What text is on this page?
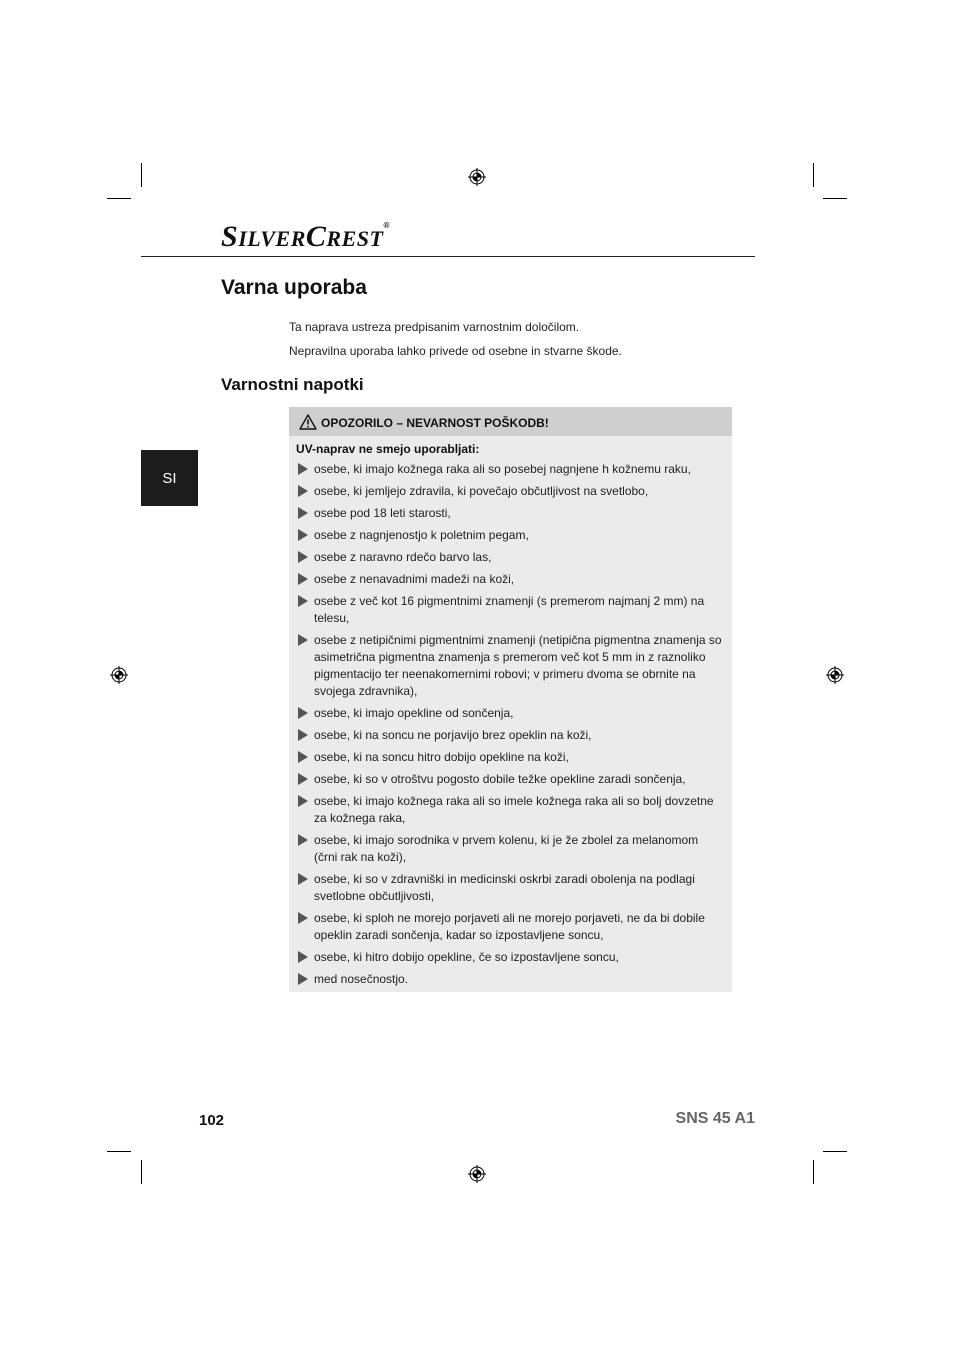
SILVERCREST®
Varna uporaba
Ta naprava ustreza predpisanim varnostnim določilom.
Nepravilna uporaba lahko privede od osebne in stvarne škode.
Varnostni napotki
SI
OPOZORILO – NEVARNOST POŠKODB!
UV-naprav ne smejo uporabljati:
osebe, ki imajo kožnega raka ali so posebej nagnjene h kožnemu raku,
osebe, ki jemljejo zdravila, ki povečajo občutljivost na svetlobo,
osebe pod 18 leti starosti,
osebe z nagnjenostjo k poletnim pegam,
osebe z naravno rdečo barvo las,
osebe z nenavadnimi madeži na koži,
osebe z več kot 16 pigmentnimi znamenji (s premerom najmanj 2 mm) na telesu,
osebe z netipičnimi pigmentnimi znamenji (netipična pigmentna znamenja so asimetrična pigmentna znamenja s premerom več kot 5 mm in z raznoliko pigmentacijo ter neenakomernimi robovi; v primeru dvoma se obrnite na svojega zdravnika),
osebe, ki imajo opekline od sončenja,
osebe, ki na soncu ne porjavijo brez opeklin na koži,
osebe, ki na soncu hitro dobijo opekline na koži,
osebe, ki so v otroštvu pogosto dobile težke opekline zaradi sončenja,
osebe, ki imajo kožnega raka ali so imele kožnega raka ali so bolj dovzetne za kožnega raka,
osebe, ki imajo sorodnika v prvem kolenu, ki je že zbolel za melanomom (črni rak na koži),
osebe, ki so v zdravniški in medicinski oskrbi zaradi obolenja na podlagi svetlobne občutljivosti,
osebe, ki sploh ne morejo porjaveti ali ne morejo porjaveti, ne da bi dobile opeklin zaradi sončenja, kadar so izpostavljene soncu,
osebe, ki hitro dobijo opekline, če so izpostavljene soncu,
med nosečnostjo.
102	SNS 45 A1
